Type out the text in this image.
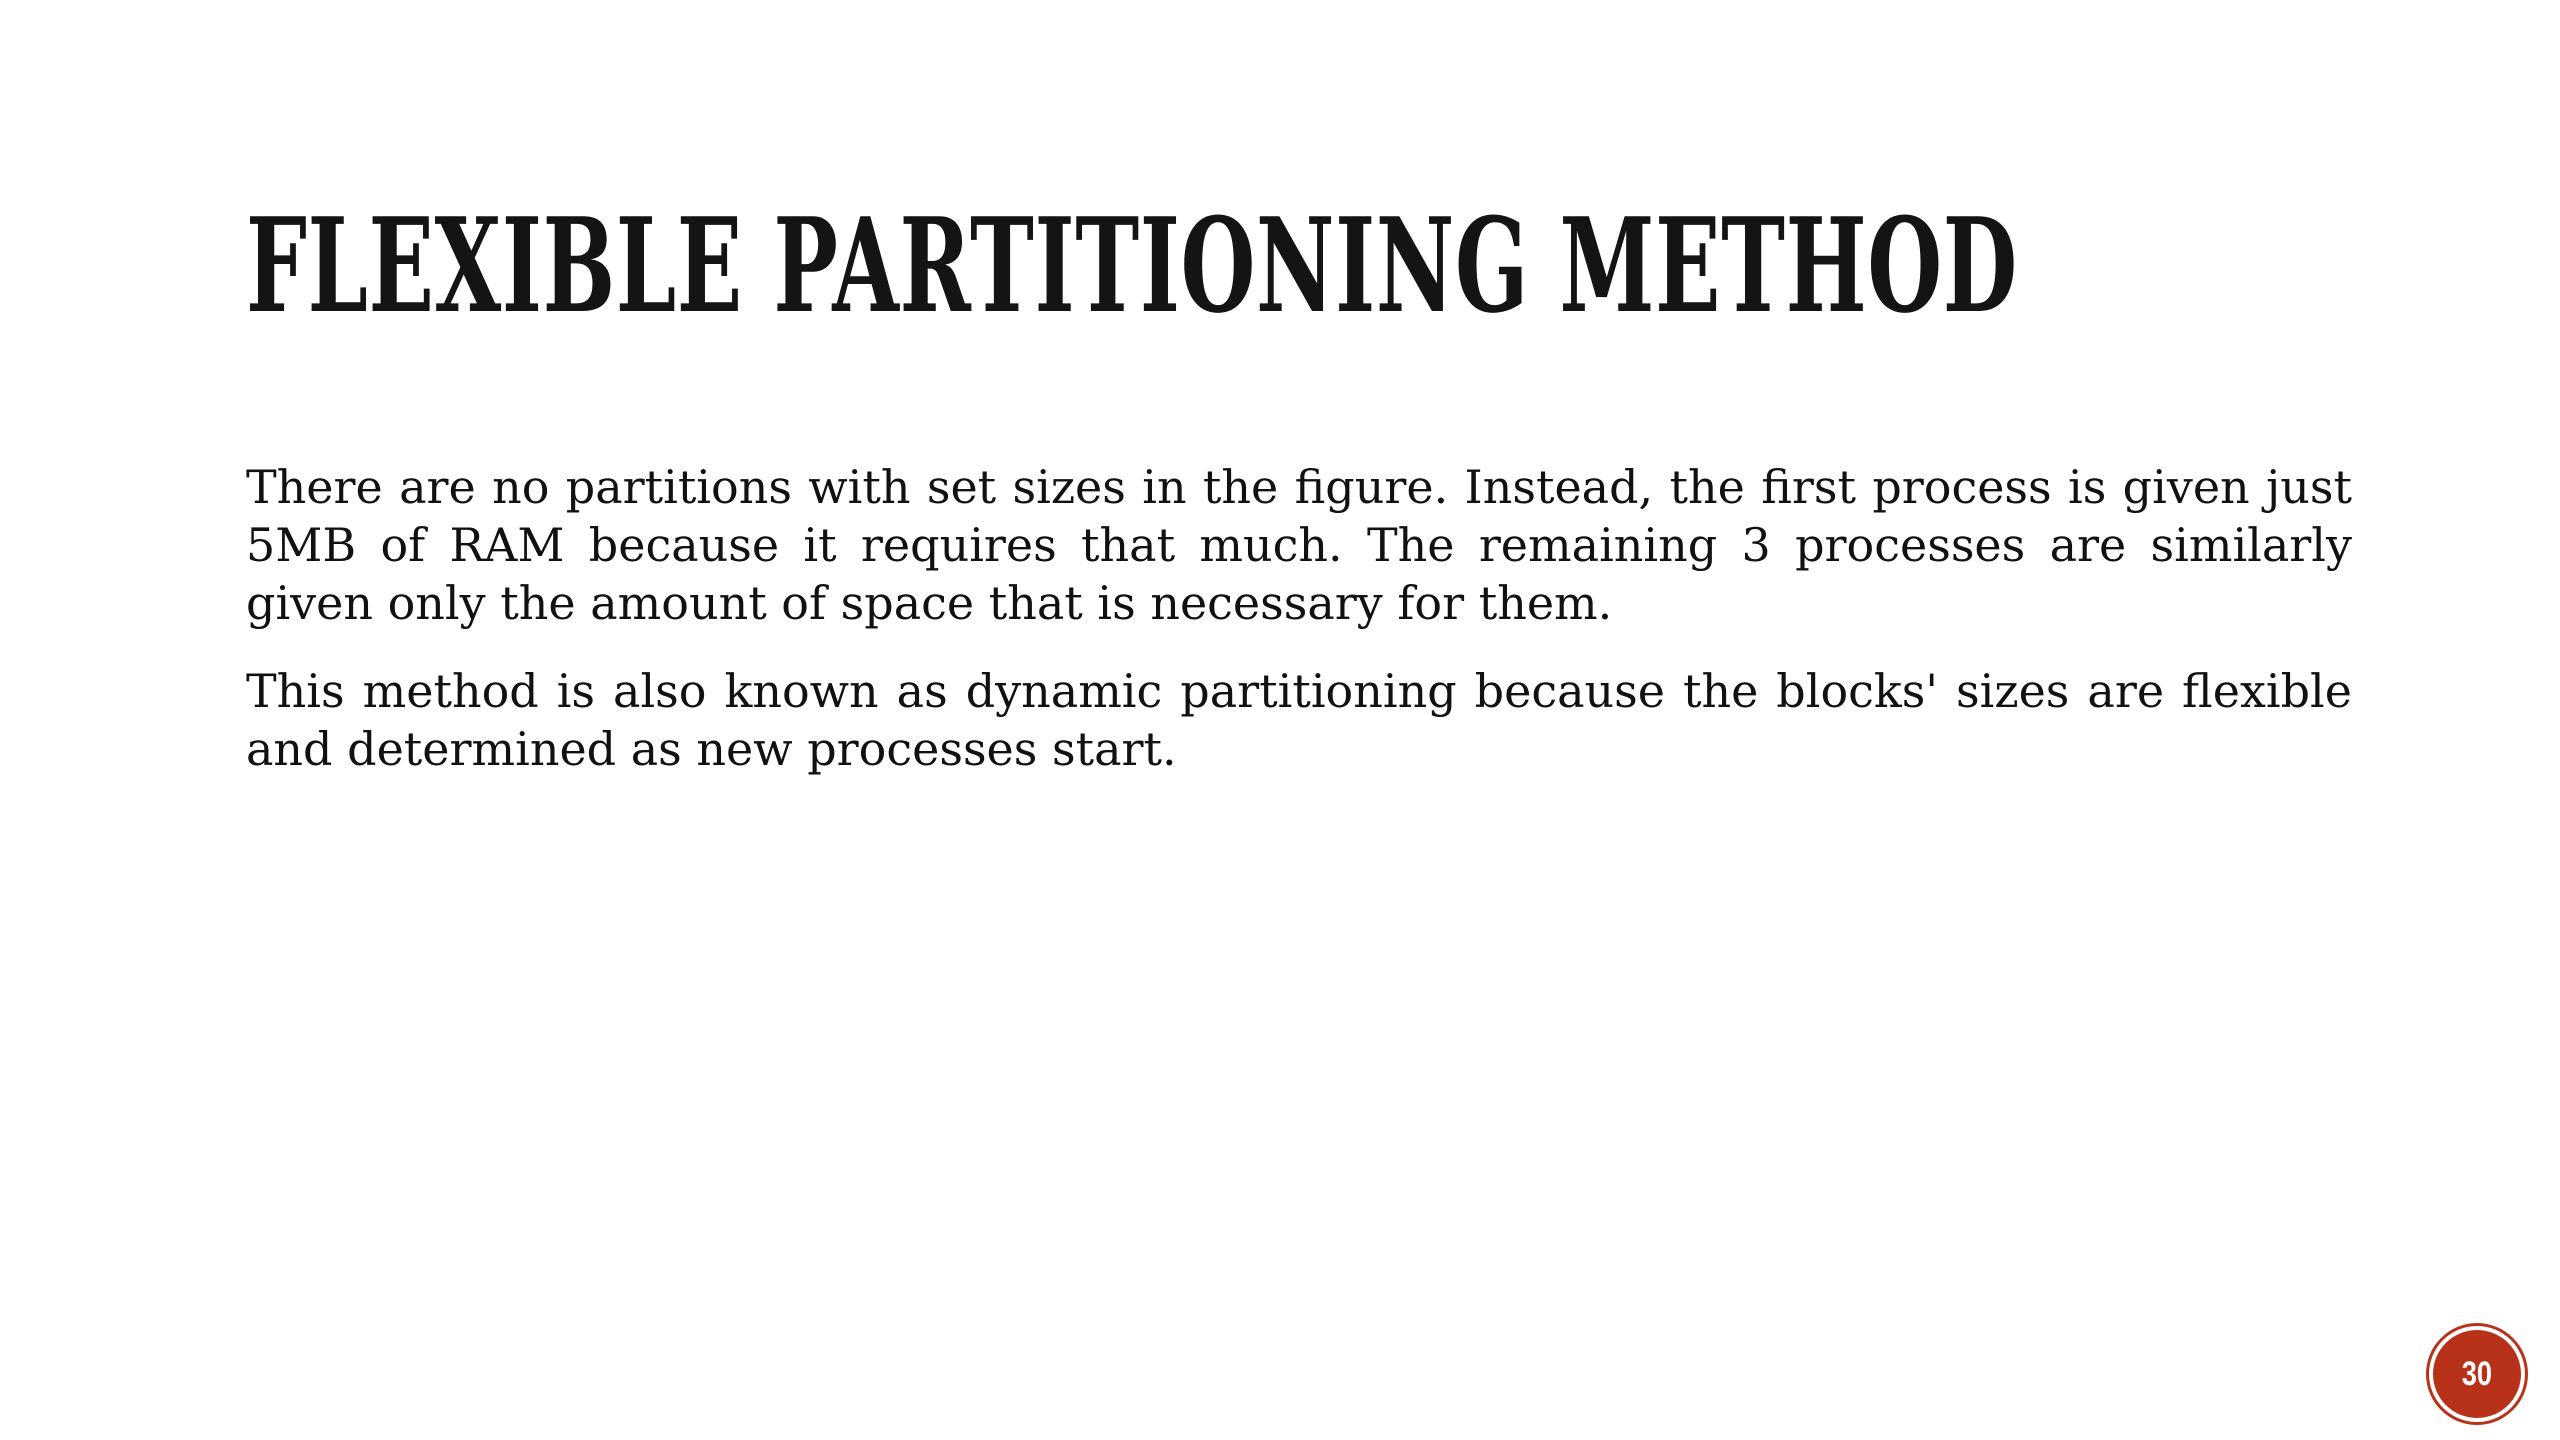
FLEXIBLE PARTITIONING METHOD

There are no partitions with set sizes in the figure. Instead, the first process is given just 5MB of RAM because it requires that much. The remaining 3 processes are similarly given only the amount of space that is necessary for them.

This method is also known as dynamic partitioning because the blocks' sizes are flexible and determined as new processes start.

30
